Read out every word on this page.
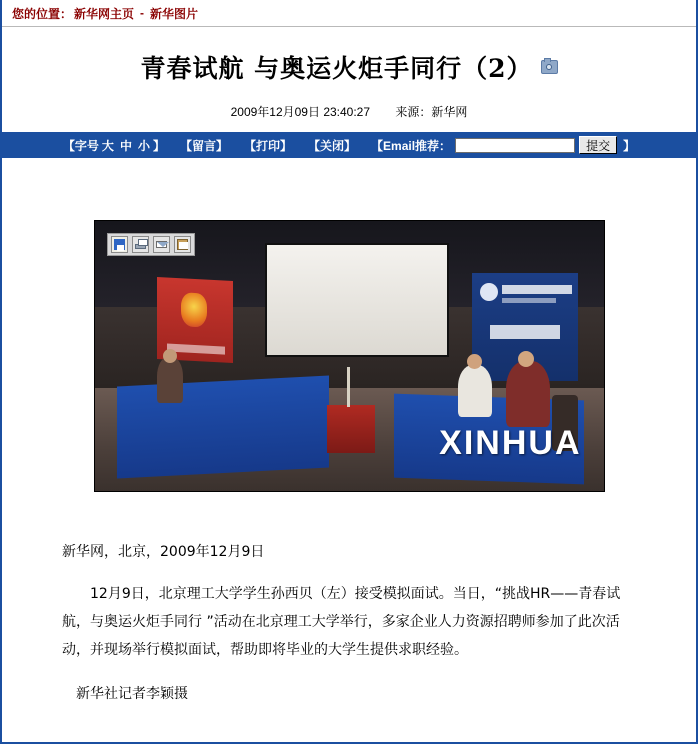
您的位置： 新华网主页 - 新华图片
青春试航 与奥运火炬手同行（2）
2009年12月09日 23:40:27 来源：新华网
【字号 大 中 小 】 【留言】 【打印】 【关闭】 【Email推荐：	提交	】
XINHUA

新华网，北京，2009年12月9日

12月9日，北京理工大学学生孙西贝（左）接受模拟面试。当日，“挑战HR——青春试航，与奥运火炬手同行 ”活动在北京理工大学举行，多家企业人力资源招聘师参加了此次活动，并现场举行模拟面试，帮助即将毕业的大学生提供求职经验。

新华社记者李颖摄
